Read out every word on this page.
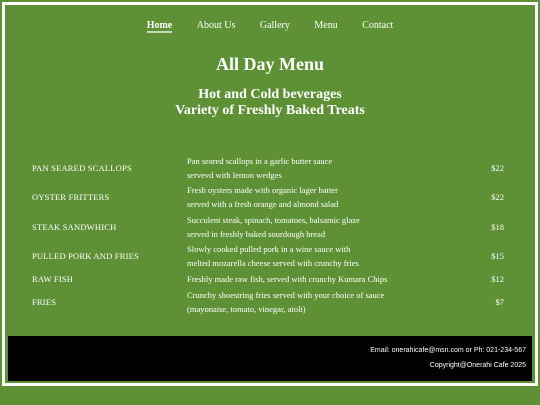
Home About Us Gallery Menu Contact
All Day Menu
Hot and Cold beverages
Variety of Freshly Baked Treats
PAN SEARED SCALLOPS	Pan seared scallops in a garlic butter sauce
servevd with lemon wedges	$22
OYSTER FRITTERS	Fresh oysters made with organic lager batter
served with a fresh orange and almond salad	$22
STEAK SANDWHICH	Succulent steak, spinach, tomatoes, balsamic glaze
served in freshly baked sourdough bread	$18
PULLED PORK AND FRIES	Slowly cooked pulled pork in a wine sauce with
melted mozarella cheese served with crunchy fries	$15
RAW FISH	Freshly made raw fish, served with crunchy Kumara Chips	$12
FRIES	Crunchy shoestring fries served with your choice of sauce
(mayonaise, tomato, vinegar, aioli)	$7
Email: onerahicafe@msn.com or Ph: 021-234-567
Copyright@Onerahi Cafe 2025
